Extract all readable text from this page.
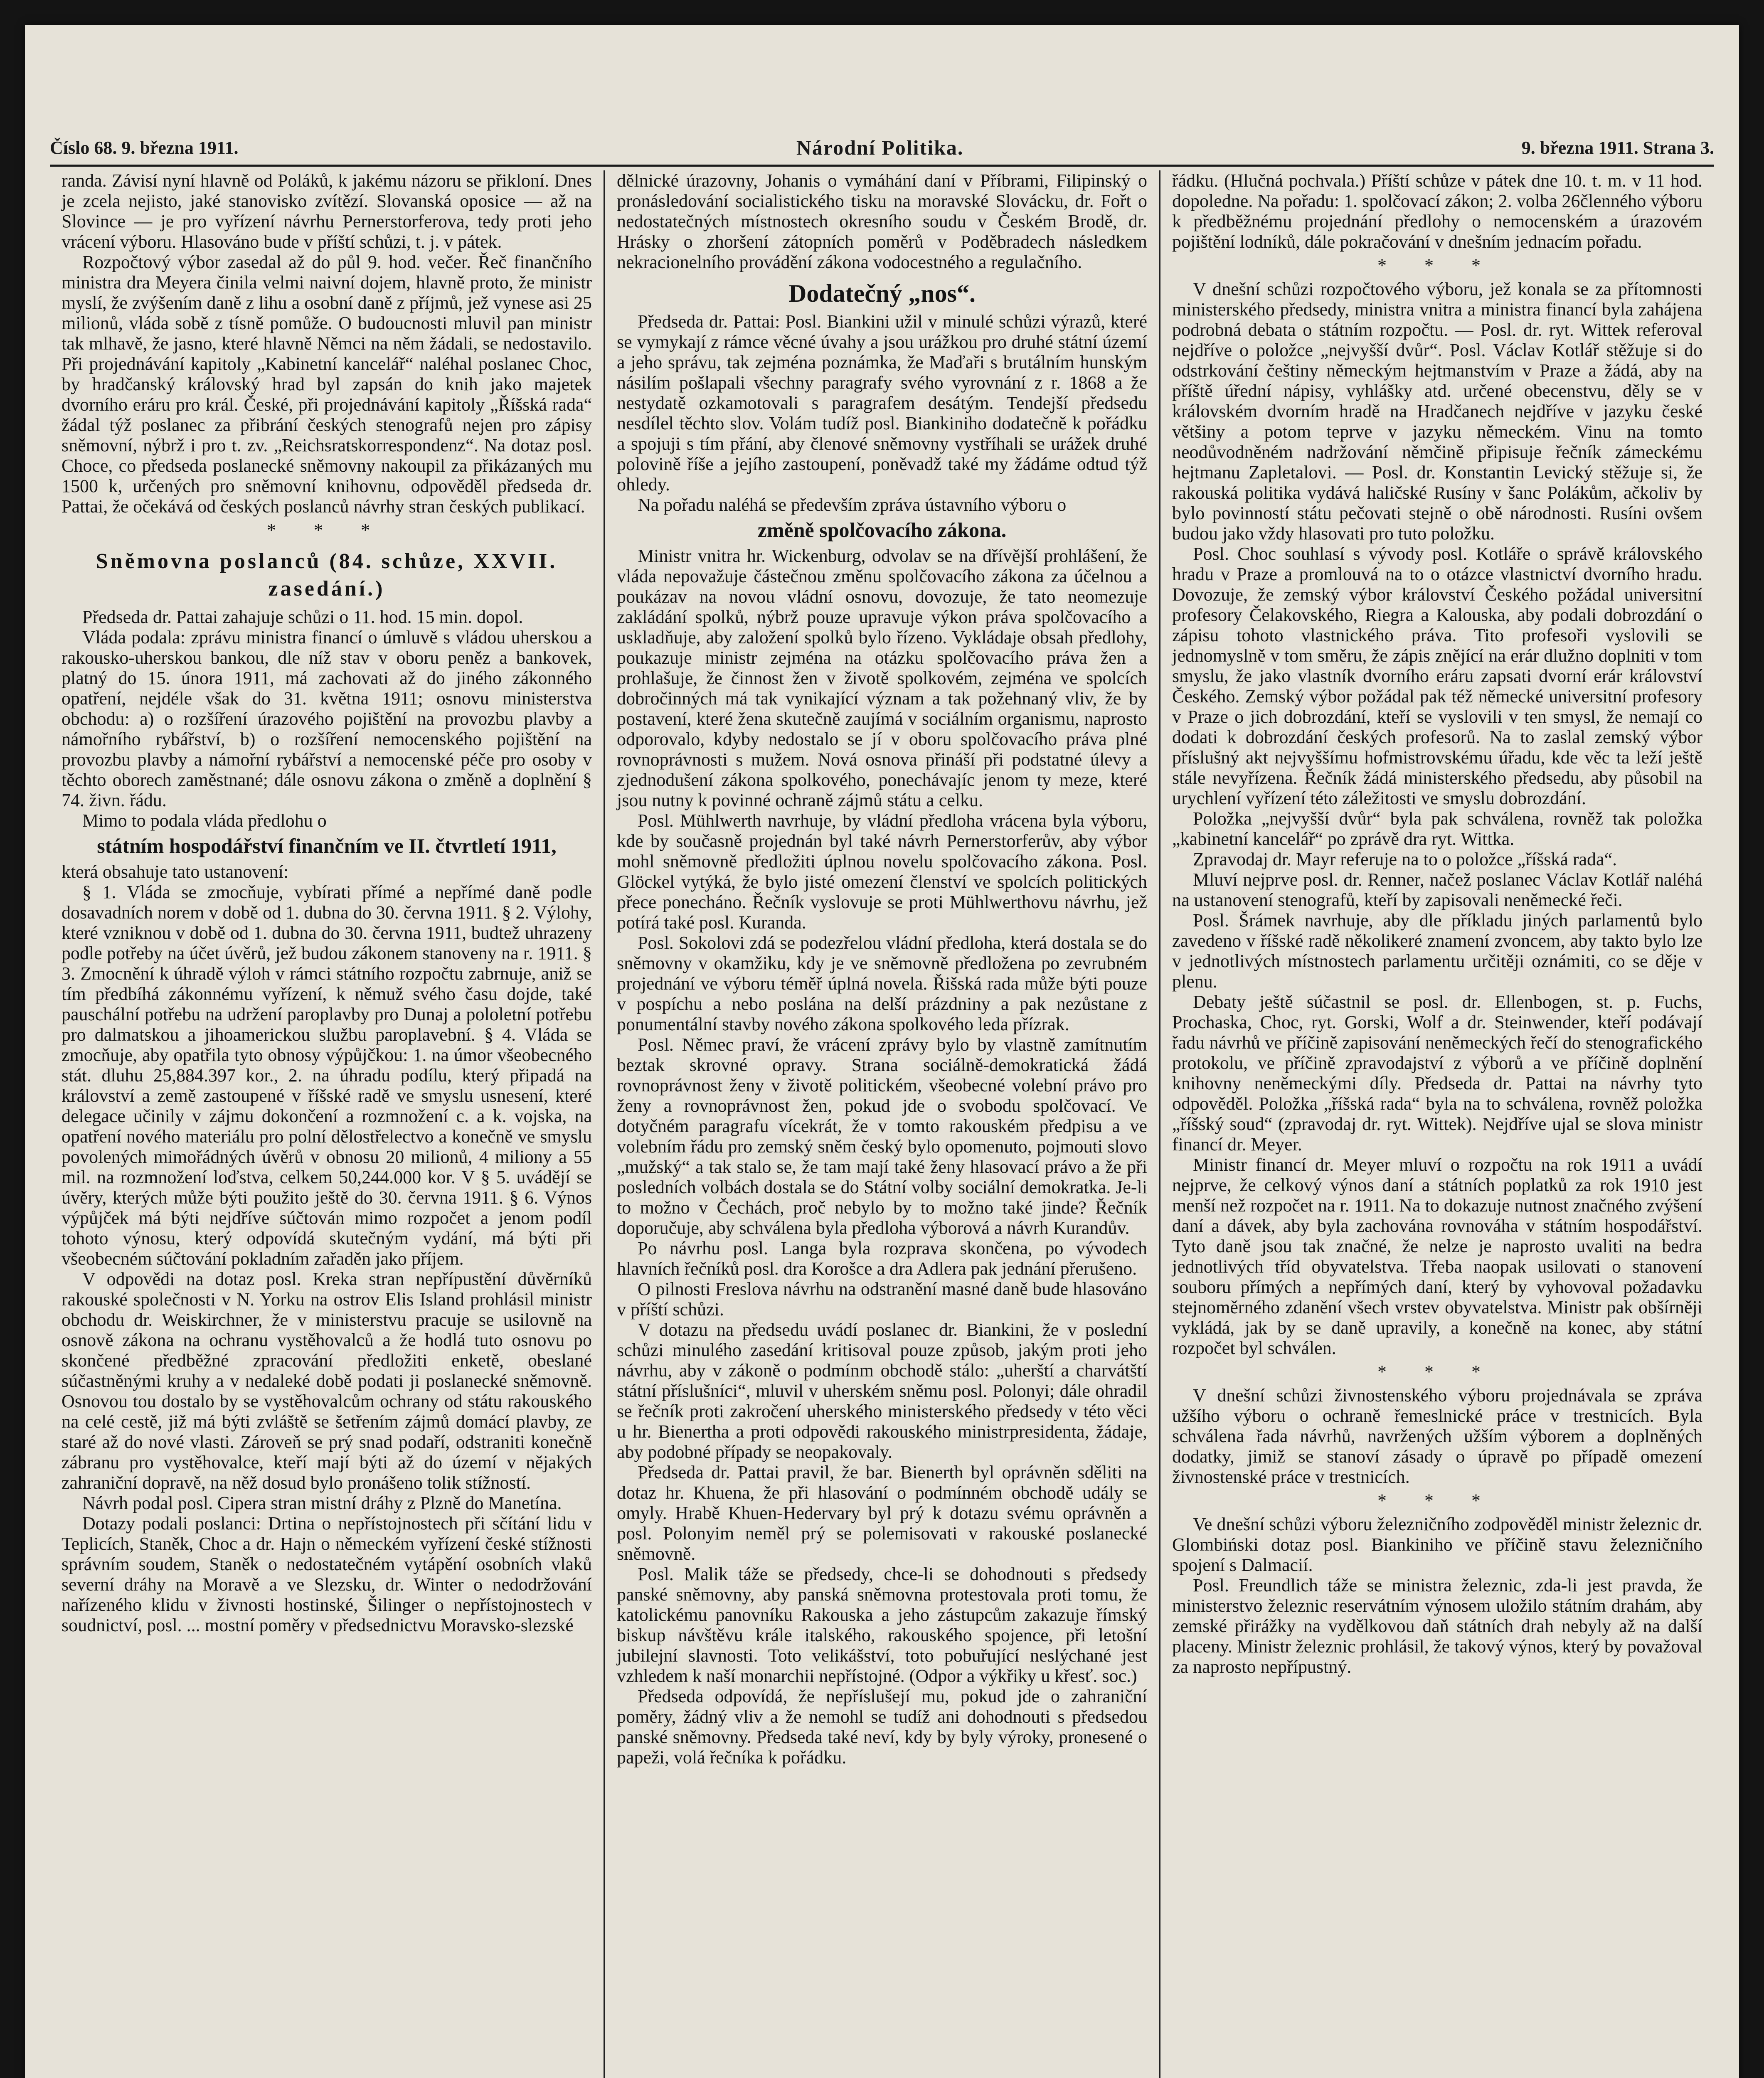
Číslo 68. 9. března 1911.	Národní Politika.	9. března 1911. Strana 3.

randa. Závisí nyní hlavně od Poláků, k jakému názoru se přikloní. Dnes je zcela nejisto, jaké stanovisko zvítězí. Slovanská oposice — až na Slovince — je pro vyřízení návrhu Pernerstorferova, tedy proti jeho vrácení výboru. Hlasováno bude v příští schůzi, t. j. v pátek.

Rozpočtový výbor zasedal až do půl 9. hod. večer. Řeč finančního ministra dra Meyera činila velmi naivní dojem, hlavně proto, že ministr myslí, že zvýšením daně z lihu a osobní daně z příjmů, jež vynese asi 25 milionů, vláda sobě z tísně pomůže. O budoucnosti mluvil pan ministr tak mlhavě, že jasno, které hlavně Němci na něm žádali, se nedostavilo. Při projednávání kapitoly „Kabinetní kancelář“ naléhal poslanec Choc, by hradčanský královský hrad byl zapsán do knih jako majetek dvorního eráru pro král. České, při projednávání kapitoly „Říšská rada“ žádal týž poslanec za přibrání českých stenografů nejen pro zápisy sněmovní, nýbrž i pro t. zv. „Reichsratskorrespondenz“. Na dotaz posl. Choce, co předseda poslanecké sněmovny nakoupil za přikázaných mu 1500 k, určených pro sněmovní knihovnu, odpověděl předseda dr. Pattai, že očekává od českých poslanců návrhy stran českých publikací.

* * *
Sněmovna poslanců (84. schůze, XXVII. zasedání.)

Předseda dr. Pattai zahajuje schůzi o 11. hod. 15 min. dopol.

Vláda podala: zprávu ministra financí o úmluvě s vládou uherskou a rakousko-uherskou bankou, dle níž stav v oboru peněz a bankovek, platný do 15. února 1911, má zachovati až do jiného zákonného opatření, nejdéle však do 31. května 1911; osnovu ministerstva obchodu: a) o rozšíření úrazového pojištění na provozbu plavby a námořního rybářství, b) o rozšíření nemocenského pojištění na provozbu plavby a námořní rybářství a nemocenské péče pro osoby v těchto oborech zaměstnané; dále osnovu zákona o změně a doplnění § 74. živn. řádu.

Mimo to podala vláda předlohu o

státním hospodářství finančním ve II. čtvrtletí 1911,

která obsahuje tato ustanovení:

§ 1. Vláda se zmocňuje, vybírati přímé a nepřímé daně podle dosavadních norem v době od 1. dubna do 30. června 1911. § 2. Výlohy, které vzniknou v době od 1. dubna do 30. června 1911, budtež uhrazeny podle potřeby na účet úvěrů, jež budou zákonem stanoveny na r. 1911. § 3. Zmocnění k úhradě výloh v rámci státního rozpočtu zabrnuje, aniž se tím předbíhá zákonnému vyřízení, k němuž svého času dojde, také pauschální potřebu na udržení paroplavby pro Dunaj a pololetní potřebu pro dalmatskou a jihoamerickou službu paroplavební. § 4. Vláda se zmocňuje, aby opatřila tyto obnosy výpůjčkou: 1. na úmor všeobecného stát. dluhu 25,884.397 kor., 2. na úhradu podílu, který připadá na království a země zastoupené v říšské radě ve smyslu usnesení, které delegace učinily v zájmu dokončení a rozmnožení c. a k. vojska, na opatření nového materiálu pro polní dělostřelectvo a konečně ve smyslu povolených mimořádných úvěrů v obnosu 20 milionů, 4 miliony a 55 mil. na rozmnožení loďstva, celkem 50,244.000 kor. V § 5. uvádějí se úvěry, kterých může býti použito ještě do 30. června 1911. § 6. Výnos výpůjček má býti nejdříve súčtován mimo rozpočet a jenom podíl tohoto výnosu, který odpovídá skutečným vydání, má býti při všeobecném súčtování pokladním zařaděn jako příjem.

V odpovědi na dotaz posl. Kreka stran nepřípustění důvěrníků rakouské společnosti v N. Yorku na ostrov Elis Island prohlásil ministr obchodu dr. Weiskirchner, že v ministerstvu pracuje se usilovně na osnově zákona na ochranu vystěhovalců a že hodlá tuto osnovu po skončené předběžné zpracování předložiti enketě, obeslané súčastněnými kruhy a v nedaleké době podati ji poslanecké sněmovně. Osnovou tou dostalo by se vystěhovalcům ochrany od státu rakouského na celé cestě, již má býti zvláště se šetřením zájmů domácí plavby, ze staré až do nové vlasti. Zároveň se prý snad podaří, odstraniti konečně zábranu pro vystěhovalce, kteří mají býti až do území v nějakých zahraniční dopravě, na něž dosud bylo pronášeno tolik stížností.

Návrh podal posl. Cipera stran mistní dráhy z Plzně do Manetína.

Dotazy podali poslanci: Drtina o nepřístojnostech při sčítání lidu v Teplicích, Staněk, Choc a dr. Hajn o německém vyřízení české stížnosti správním soudem, Staněk o nedostatečném vytápění osobních vlaků severní dráhy na Moravě a ve Slezsku, dr. Winter o nedodržování nařízeného klidu v živnosti hostinské, Šilinger o nepřístojnostech v soudnictví, posl. ... mostní poměry v předsednictvu Moravsko-slezské

dělnické úrazovny, Johanis o vymáhání daní v Příbrami, Filipinský o pronásledování socialistického tisku na moravské Slovácku, dr. Fořt o nedostatečných místnostech okresního soudu v Českém Brodě, dr. Hrásky o zhoršení zátopních poměrů v Poděbradech následkem nekracionelního provádění zákona vodocestného a regulačního.

Dodatečný „nos“.

Předseda dr. Pattai: Posl. Biankini užil v minulé schůzi výrazů, které se vymykají z rámce věcné úvahy a jsou urážkou pro druhé státní území a jeho správu, tak zejména poznámka, že Maďaři s brutálním hunským násilím pošlapali všechny paragrafy svého vyrovnání z r. 1868 a že nestydatě ozkamotovali s paragrafem desátým. Tendejší předsedu nesdílel těchto slov. Volám tudíž posl. Biankiniho dodatečně k pořádku a spojuji s tím přání, aby členové sněmovny vystříhali se urážek druhé polovině říše a jejího zastoupení, poněvadž také my žádáme odtud týž ohledy.

Na pořadu naléhá se především zpráva ústavního výboru o

změně spolčovacího zákona.

Ministr vnitra hr. Wickenburg, odvolav se na dřívější prohlášení, že vláda nepovažuje částečnou změnu spolčovacího zákona za účelnou a poukázav na novou vládní osnovu, dovozuje, že tato neomezuje zakládání spolků, nýbrž pouze upravuje výkon práva spolčovacího a uskladňuje, aby založení spolků bylo řízeno. Vykládaje obsah předlohy, poukazuje ministr zejména na otázku spolčovacího práva žen a prohlašuje, že činnost žen v životě spolkovém, zejména ve spolcích dobročinných má tak vynikající význam a tak požehnaný vliv, že by postavení, které žena skutečně zaujímá v sociálním organismu, naprosto odporovalo, kdyby nedostalo se jí v oboru spolčovacího práva plné rovnoprávnosti s mužem. Nová osnova přináší při podstatné úlevy a zjednodušení zákona spolkového, ponechávajíc jenom ty meze, které jsou nutny k povinné ochraně zájmů státu a celku.

Posl. Mühlwerth navrhuje, by vládní předloha vrácena byla výboru, kde by současně projednán byl také návrh Pernerstorferův, aby výbor mohl sněmovně předložiti úplnou novelu spolčovacího zákona. Posl. Glöckel vytýká, že bylo jisté omezení členství ve spolcích politických přece ponecháno. Řečník vyslovuje se proti Mühlwerthovu návrhu, jež potírá také posl. Kuranda.

Posl. Sokolovi zdá se podezřelou vládní předloha, která dostala se do sněmovny v okamžiku, kdy je ve sněmovně předložena po zevrubném projednání ve výboru téměř úplná novela. Řišská rada může býti pouze v pospíchu a nebo poslána na delší prázdniny a pak nezůstane z ponumentální stavby nového zákona spolkového leda přízrak.

Posl. Němec praví, že vrácení zprávy bylo by vlastně zamítnutím beztak skrovné opravy. Strana sociálně-demokratická žádá rovnoprávnost ženy v životě politickém, všeobecné volební právo pro ženy a rovnoprávnost žen, pokud jde o svobodu spolčovací. Ve dotyčném paragrafu vícekrát, že v tomto rakouském předpisu a ve volebním řádu pro zemský sněm český bylo opomenuto, pojmouti slovo „mužský“ a tak stalo se, že tam mají také ženy hlasovací právo a že při posledních volbách dostala se do Státní volby sociální demokratka. Je-li to možno v Čechách, proč nebylo by to možno také jinde? Řečník doporučuje, aby schválena byla předloha výborová a návrh Kurandův.

Po návrhu posl. Langa byla rozprava skončena, po vývodech hlavních řečníků posl. dra Korošce a dra Adlera pak jednání přerušeno.

O pilnosti Freslova návrhu na odstranění masné daně bude hlasováno v příští schůzi.

V dotazu na předsedu uvádí poslanec dr. Biankini, že v poslední schůzi minulého zasedání kritisoval pouze způsob, jakým proti jeho návrhu, aby v zákoně o podmínm obchodě stálo: „uherští a charvátští státní příslušníci“, mluvil v uherském sněmu posl. Polonyi; dále ohradil se řečník proti zakročení uherského ministerského předsedy v této věci u hr. Bienertha a proti odpovědi rakouského ministrpresidenta, žádaje, aby podobné případy se neopakovaly.

Předseda dr. Pattai pravil, že bar. Bienerth byl oprávněn sděliti na dotaz hr. Khuena, že při hlasování o podmínném obchodě udály se omyly. Hrabě Khuen-Hedervary byl prý k dotazu svému oprávněn a posl. Polonyim neměl prý se polemisovati v rakouské poslanecké sněmovně.

Posl. Malik táže se předsedy, chce-li se dohodnouti s předsedy panské sněmovny, aby panská sněmovna protestovala proti tomu, že katolickému panovníku Rakouska a jeho zástupcům zakazuje římský biskup návštěvu krále italského, rakouského spojence, při letošní jubilejní slavnosti. Toto velikášství, toto pobuřující neslýchané jest vzhledem k naší monarchii nepřístojné. (Odpor a výkřiky u křesť. soc.)

Předseda odpovídá, že nepříslušejí mu, pokud jde o zahraniční poměry, žádný vliv a že nemohl se tudíž ani dohodnouti s předsedou panské sněmovny. Předseda také neví, kdy by byly výroky, pronesené o papeži, volá řečníka k pořádku.

řádku. (Hlučná pochvala.) Příští schůze v pátek dne 10. t. m. v 11 hod. dopoledne. Na pořadu: 1. spolčovací zákon; 2. volba 26členného výboru k předběžnému projednání předlohy o nemocenském a úrazovém pojištění lodníků, dále pokračování v dnešním jednacím pořadu.

* * *

V dnešní schůzi rozpočtového výboru, jež konala se za přítomnosti ministerského předsedy, ministra vnitra a ministra financí byla zahájena podrobná debata o státním rozpočtu. — Posl. dr. ryt. Wittek referoval nejdříve o položce „nejvyšší dvůr“. Posl. Václav Kotlář stěžuje si do odstrkování češtiny německým hejtmanstvím v Praze a žádá, aby na příště úřední nápisy, vyhlášky atd. určené obecenstvu, děly se v královském dvorním hradě na Hradčanech nejdříve v jazyku české většiny a potom teprve v jazyku německém. Vinu na tomto neodůvodněném nadržování němčině připisuje řečník zámeckému hejtmanu Zapletalovi. — Posl. dr. Konstantin Levický stěžuje si, že rakouská politika vydává haličské Rusíny v šanc Polákům, ačkoliv by bylo povinností státu pečovati stejně o obě národnosti. Rusíni ovšem budou jako vždy hlasovati pro tuto položku.

Posl. Choc souhlasí s vývody posl. Kotláře o správě královského hradu v Praze a promlouvá na to o otázce vlastnictví dvorního hradu. Dovozuje, že zemský výbor království Českého požádal universitní profesory Čelakovského, Riegra a Kalouska, aby podali dobrozdání o zápisu tohoto vlastnického práva. Tito profesoři vyslovili se jednomyslně v tom směru, že zápis znějící na erár dlužno doplniti v tom smyslu, že jako vlastník dvorního eráru zapsati dvorní erár království Českého. Zemský výbor požádal pak též německé universitní profesory v Praze o jich dobrozdání, kteří se vyslovili v ten smysl, že nemají co dodati k dobrozdání českých profesorů. Na to zaslal zemský výbor příslušný akt nejvyššímu hofmistrovskému úřadu, kde věc ta leží ještě stále nevyřízena. Řečník žádá ministerského předsedu, aby působil na urychlení vyřízení této záležitosti ve smyslu dobrozdání.

Položka „nejvyšší dvůr“ byla pak schválena, rovněž tak položka „kabinetní kancelář“ po zprávě dra ryt. Wittka.

Zpravodaj dr. Mayr referuje na to o položce „říšská rada“.

Mluví nejprve posl. dr. Renner, načež poslanec Václav Kotlář naléhá na ustanovení stenografů, kteří by zapisovali neněmecké řeči.

Posl. Šrámek navrhuje, aby dle příkladu jiných parlamentů bylo zavedeno v říšské radě několikeré znamení zvoncem, aby takto bylo lze v jednotlivých místnostech parlamentu určitěji oznámiti, co se děje v plenu.

Debaty ještě súčastnil se posl. dr. Ellenbogen, st. p. Fuchs, Prochaska, Choc, ryt. Gorski, Wolf a dr. Steinwender, kteří podávají řadu návrhů ve příčině zapisování neněmeckých řečí do stenografického protokolu, ve příčině zpravodajství z výborů a ve příčině doplnění knihovny neněmeckými díly. Předseda dr. Pattai na návrhy tyto odpověděl. Položka „říšská rada“ byla na to schválena, rovněž položka „říšský soud“ (zpravodaj dr. ryt. Wittek). Nejdříve ujal se slova ministr financí dr. Meyer.

Ministr financí dr. Meyer mluví o rozpočtu na rok 1911 a uvádí nejprve, že celkový výnos daní a státních poplatků za rok 1910 jest menší než rozpočet na r. 1911. Na to dokazuje nutnost značného zvýšení daní a dávek, aby byla zachována rovnováha v státním hospodářství. Tyto daně jsou tak značné, že nelze je naprosto uvaliti na bedra jednotlivých tříd obyvatelstva. Třeba naopak usilovati o stanovení souboru přímých a nepřímých daní, který by vyhovoval požadavku stejnoměrného zdanění všech vrstev obyvatelstva. Ministr pak obšírněji vykládá, jak by se daně upravily, a konečně na konec, aby státní rozpočet byl schválen.

* * *

V dnešní schůzi živnostenského výboru projednávala se zpráva užšího výboru o ochraně řemeslnické práce v trestnicích. Byla schválena řada návrhů, navržených užším výborem a doplněných dodatky, jimiž se stanoví zásady o úpravě po případě omezení živnostenské práce v trestnicích.

* * *

Ve dnešní schůzi výboru železničního zodpověděl ministr železnic dr. Glombiński dotaz posl. Biankiniho ve příčině stavu železničního spojení s Dalmacií.

Posl. Freundlich táže se ministra železnic, zda-li jest pravda, že ministerstvo železnic reservátním výnosem uložilo státním drahám, aby zemské přirážky na vydělkovou daň státních drah nebyly až na další placeny. Ministr železnic prohlásil, že takový výnos, který by považoval za naprosto nepřípustný.
